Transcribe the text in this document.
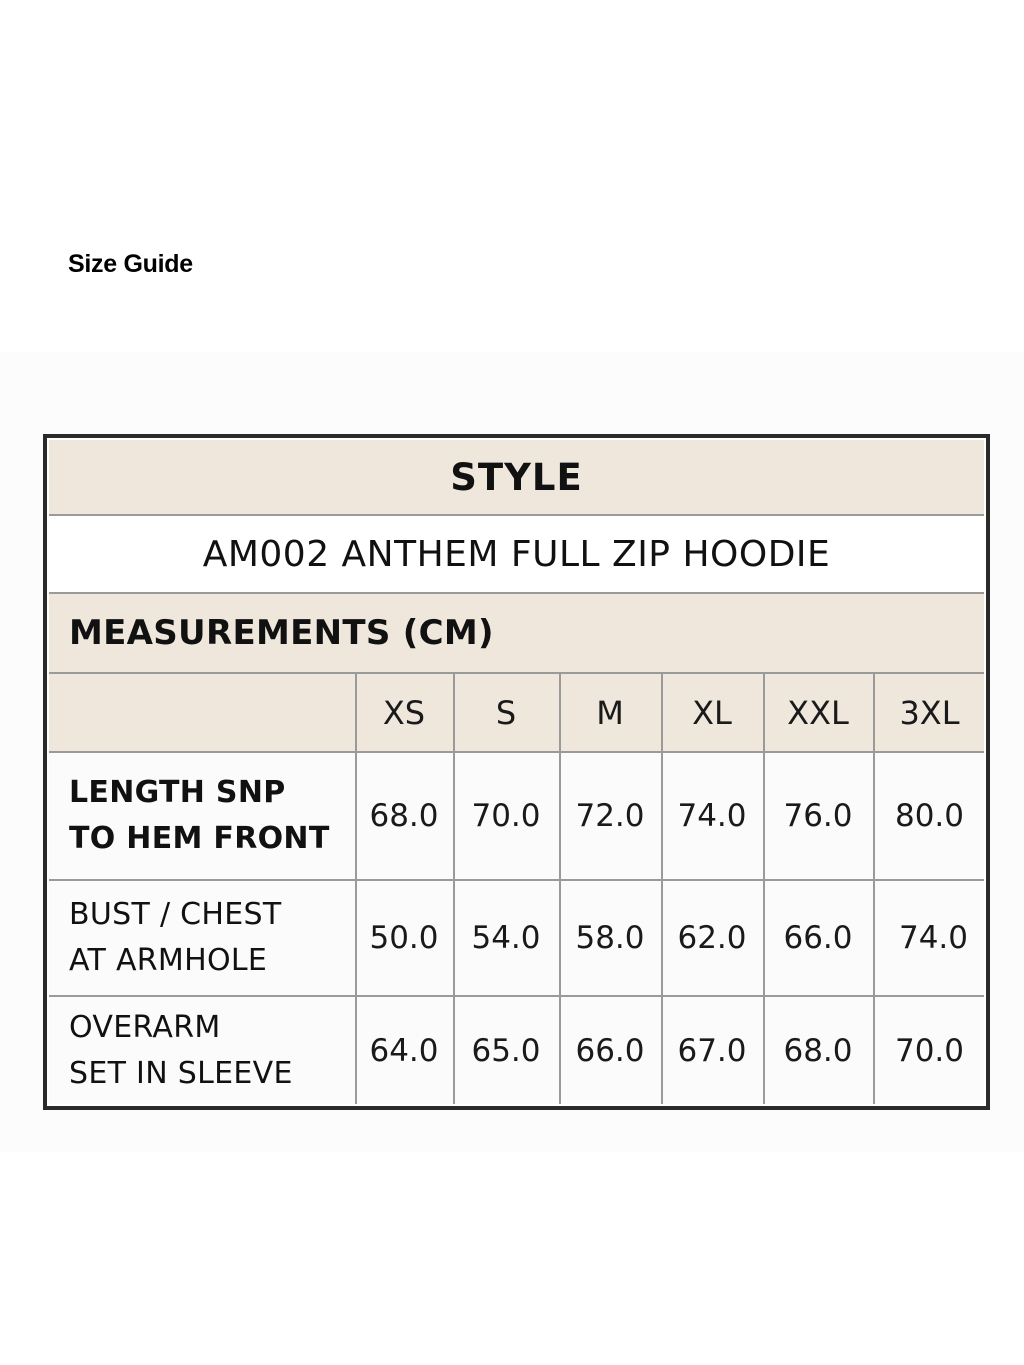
Size Guide
STYLE
AM002 ANTHEM FULL ZIP HOODIE
MEASUREMENTS (CM)
XS	S	M	XL	XXL	3XL
LENGTH SNP
TO HEM FRONT
68.0	70.0	72.0	74.0	76.0	80.0
BUST / CHEST
AT ARMHOLE
50.0	54.0	58.0	62.0	66.0	74.0
OVERARM
SET IN SLEEVE
64.0	65.0	66.0	67.0	68.0	70.0
